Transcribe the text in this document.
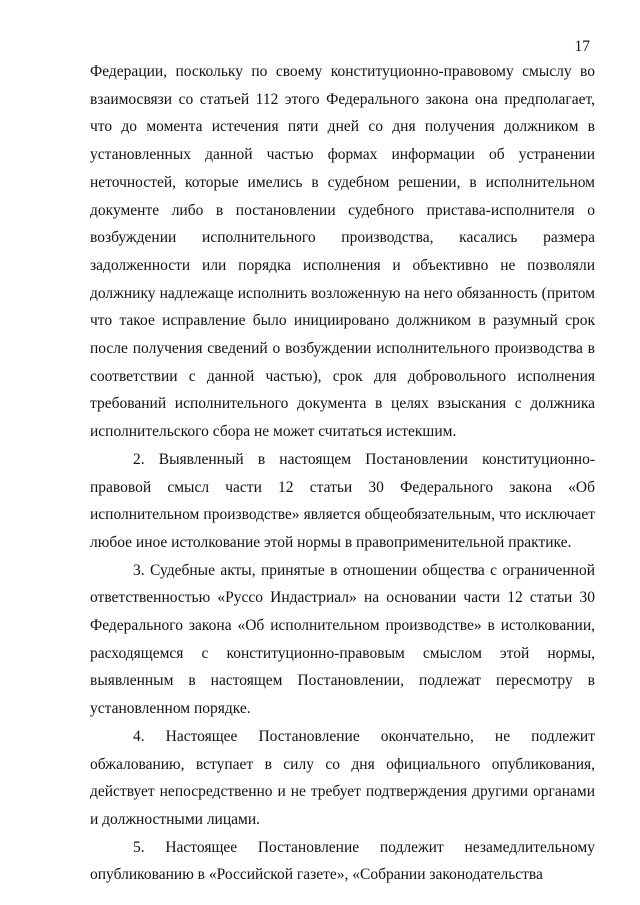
17

Федерации, поскольку по своему конституционно-правовому смыслу во взаимосвязи со статьей 112 этого Федерального закона она предполагает, что до момента истечения пяти дней со дня получения должником в установленных данной частью формах информации об устранении неточностей, которые имелись в судебном решении, в исполнительном документе либо в постановлении судебного пристава-исполнителя о возбуждении исполнительного производства, касались размера задолженности или порядка исполнения и объективно не позволяли должнику надлежаще исполнить возложенную на него обязанность (притом что такое исправление было инициировано должником в разумный срок после получения сведений о возбуждении исполнительного производства в соответствии с данной частью), срок для добровольного исполнения требований исполнительного документа в целях взыскания с должника исполнительского сбора не может считаться истекшим.

2. Выявленный в настоящем Постановлении конституционно-правовой смысл части 12 статьи 30 Федерального закона «Об исполнительном производстве» является общеобязательным, что исключает любое иное истолкование этой нормы в правоприменительной практике.

3. Судебные акты, принятые в отношении общества с ограниченной ответственностью «Руссо Индастриал» на основании части 12 статьи 30 Федерального закона «Об исполнительном производстве» в истолковании, расходящемся с конституционно-правовым смыслом этой нормы, выявленным в настоящем Постановлении, подлежат пересмотру в установленном порядке.

4. Настоящее Постановление окончательно, не подлежит обжалованию, вступает в силу со дня официального опубликования, действует непосредственно и не требует подтверждения другими органами и должностными лицами.

5. Настоящее Постановление подлежит незамедлительному опубликованию в «Российской газете», «Собрании законодательства
